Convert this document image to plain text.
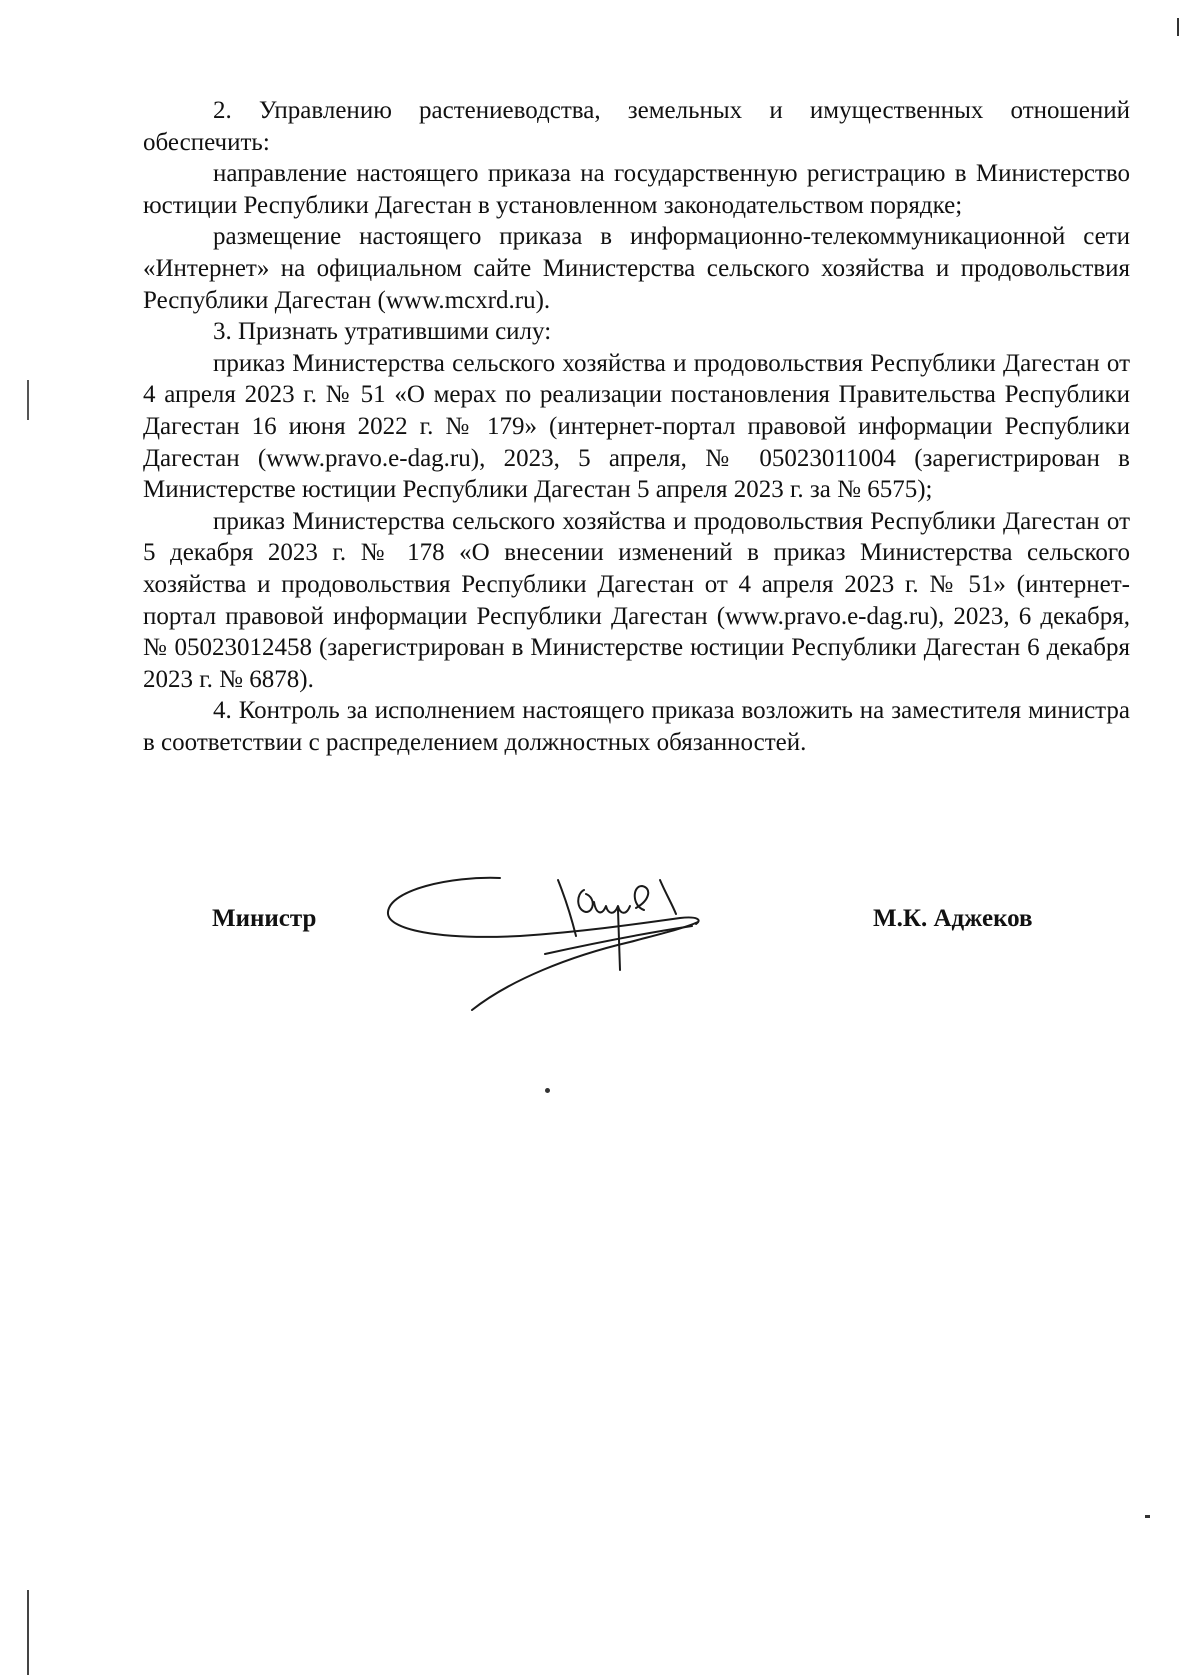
2. Управлению растениеводства, земельных и имущественных отношений обеспечить:

направление настоящего приказа на государственную регистрацию в Министерство юстиции Республики Дагестан в установленном законодательством порядке;

размещение настоящего приказа в информационно-телекоммуникационной сети «Интернет» на официальном сайте Министерства сельского хозяйства и продовольствия Республики Дагестан (www.mcxrd.ru).

3. Признать утратившими силу:

приказ Министерства сельского хозяйства и продовольствия Республики Дагестан от 4 апреля 2023 г. № 51 «О мерах по реализации постановления Правительства Республики Дагестан 16 июня 2022 г. № 179» (интернет-портал правовой информации Республики Дагестан (www.pravo.e-dag.ru), 2023, 5 апреля, № 05023011004 (зарегистрирован в Министерстве юстиции Республики Дагестан 5 апреля 2023 г. за № 6575);

приказ Министерства сельского хозяйства и продовольствия Республики Дагестан от 5 декабря 2023 г. № 178 «О внесении изменений в приказ Министерства сельского хозяйства и продовольствия Республики Дагестан от 4 апреля 2023 г. № 51» (интернет-портал правовой информации Республики Дагестан (www.pravo.e-dag.ru), 2023, 6 декабря, № 05023012458 (зарегистрирован в Министерстве юстиции Республики Дагестан 6 декабря 2023 г. № 6878).

4. Контроль за исполнением настоящего приказа возложить на заместителя министра в соответствии с распределением должностных обязанностей.

Министр	М.К. Аджеков
